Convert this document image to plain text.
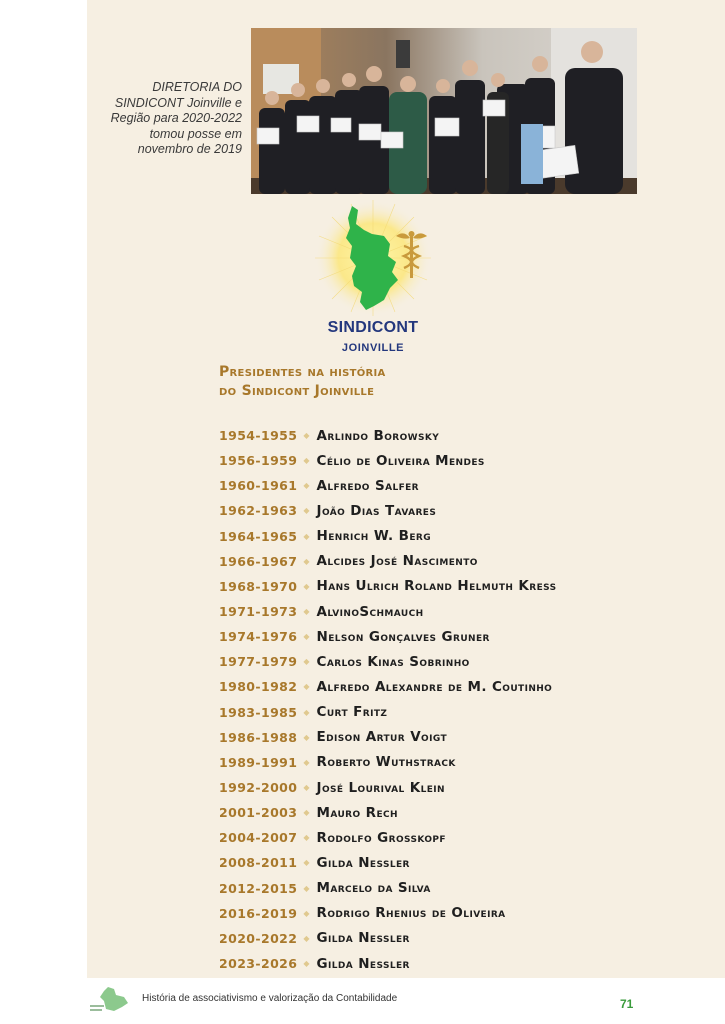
DIRETORIA DO SINDICONT Joinville e Região para 2020-2022 tomou posse em novembro de 2019

SINDICONT
JOINVILLE
Presidentes na história
do Sindicont Joinville
1954-1955 ◆ Arlindo Borowsky
1956-1959 ◆ Célio de Oliveira Mendes
1960-1961 ◆ Alfredo Salfer
1962-1963 ◆ João Dias Tavares
1964-1965 ◆ Henrich W. Berg
1966-1967 ◆ Alcides José Nascimento
1968-1970 ◆ Hans Ulrich Roland Helmuth Kress
1971-1973 ◆ AlvinoSchmauch
1974-1976 ◆ Nelson Gonçalves Gruner
1977-1979 ◆ Carlos Kinas Sobrinho
1980-1982 ◆ Alfredo Alexandre de M. Coutinho
1983-1985 ◆ Curt Fritz
1986-1988 ◆ Edison Artur Voigt
1989-1991 ◆ Roberto Wuthstrack
1992-2000 ◆ José Lourival Klein
2001-2003 ◆ Mauro Rech
2004-2007 ◆ Rodolfo Grosskopf
2008-2011 ◆ Gilda Nessler
2012-2015 ◆ Marcelo da Silva
2016-2019 ◆ Rodrigo Rhenius de Oliveira
2020-2022 ◆ Gilda Nessler
2023-2026 ◆ Gilda Nessler
História de associativismo e valorização da Contabilidade	71
